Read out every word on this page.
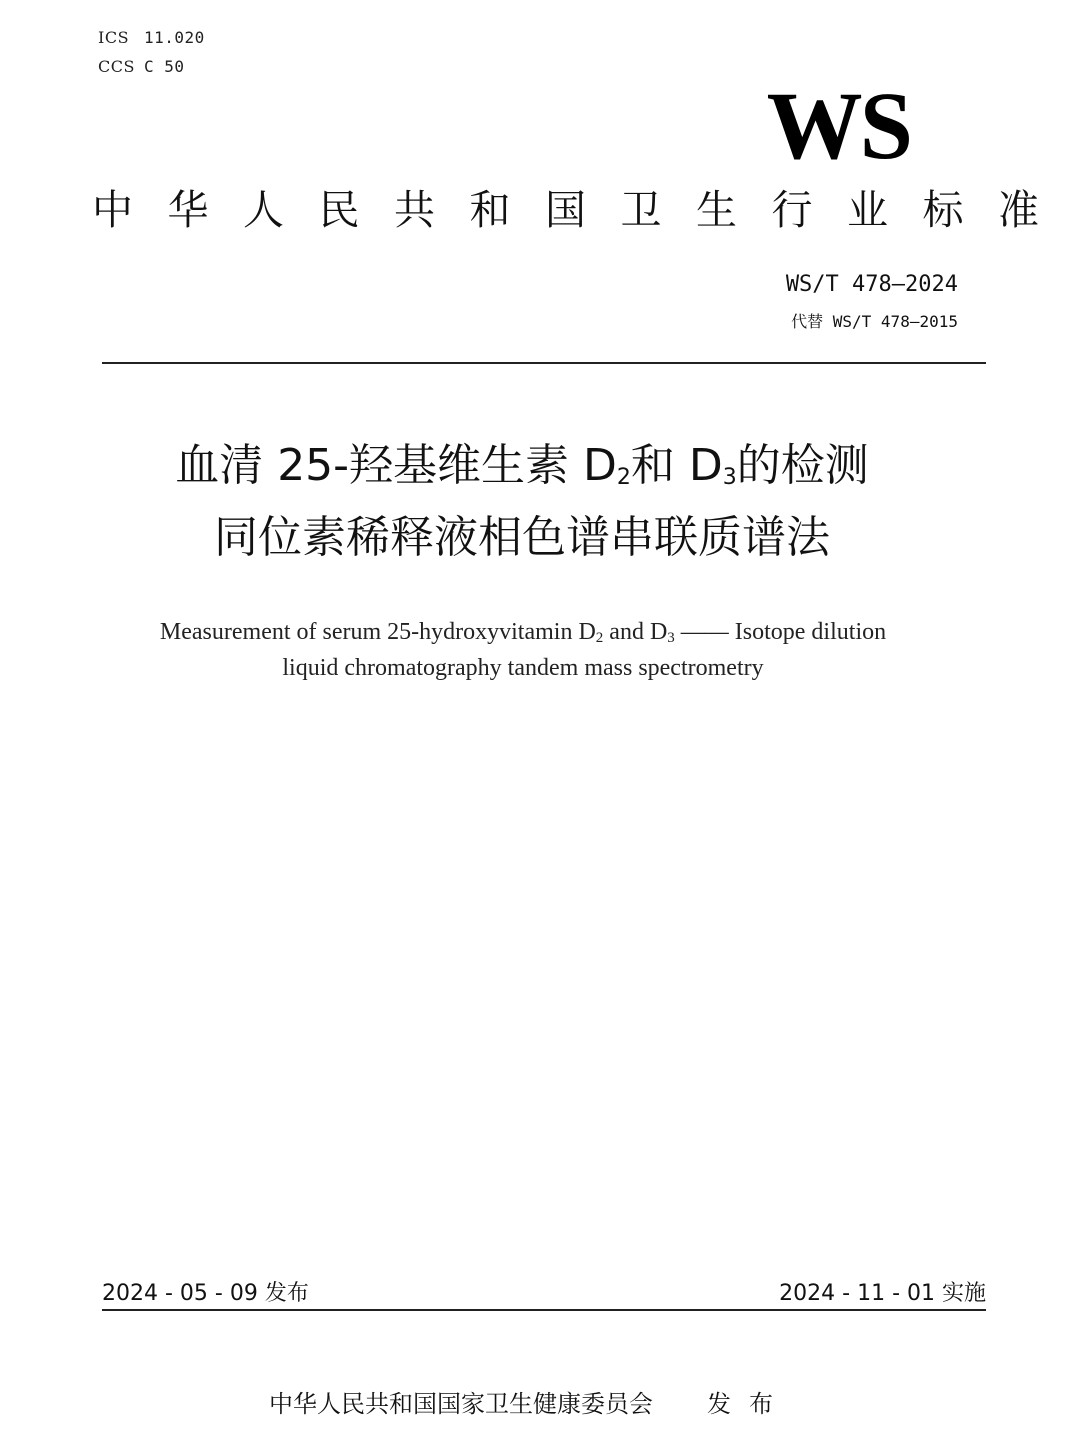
ICS 11.020
CCS C 50
WS
中华人民共和国卫生行业标准
WS/T 478—2024
代替 WS/T 478—2015
血清 25-羟基维生素 $D_2$和 $D_3$的检测
同位素稀释液相色谱串联质谱法
Measurement of serum 25-hydroxyvitamin $D_2$ and $D_3$ —— Isotope dilution
liquid chromatography tandem mass spectrometry
2024 - 05 - 09 发布	2024 - 11 - 01 实施
中华人民共和国国家卫生健康委员会 发布
